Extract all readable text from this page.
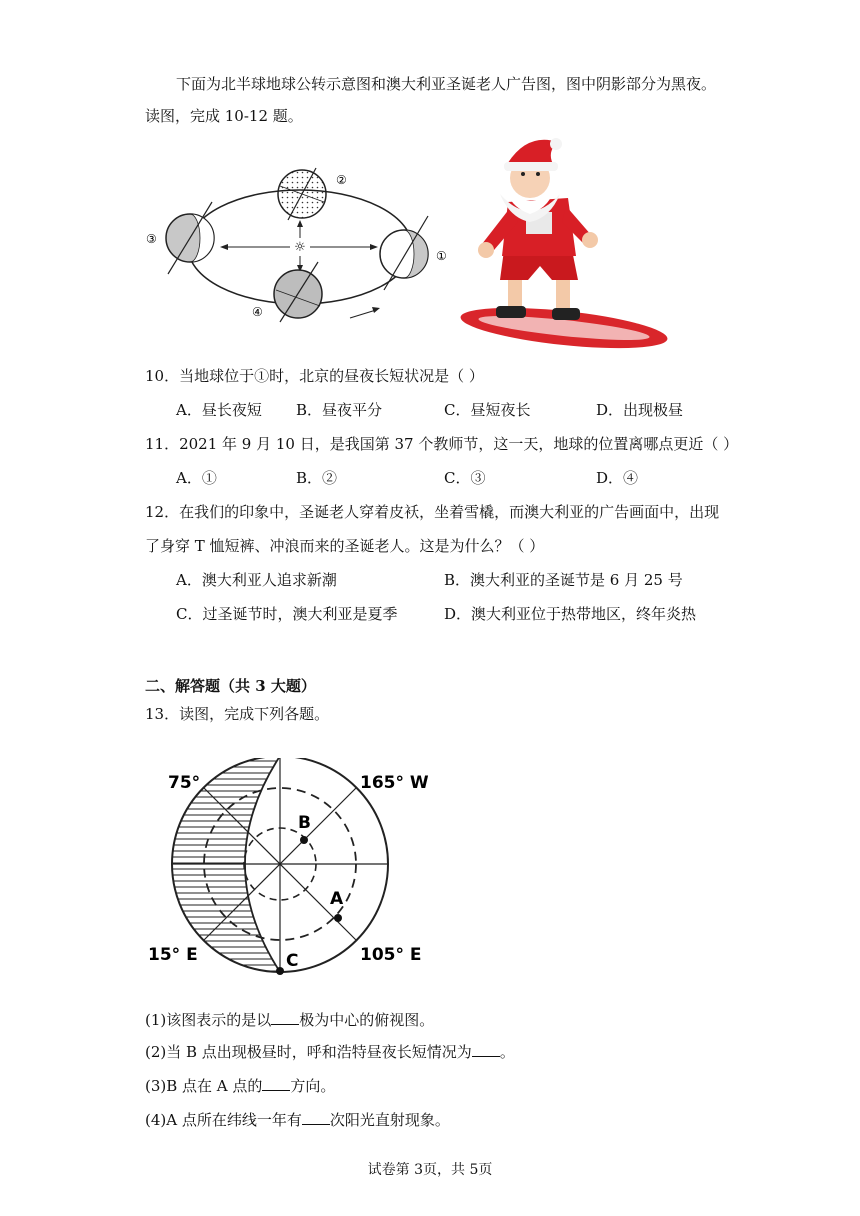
下面为北半球地球公转示意图和澳大利亚圣诞老人广告图，图中阴影部分为黑夜。
读图，完成 10-12 题。
☼
②
③
①
④
10．当地球位于①时，北京的昼夜长短状况是（ ）
A．昼长夜短 B．昼夜平分	C．昼短夜长	D．出现极昼
11．2021 年 9 月 10 日，是我国第 37 个教师节，这一天，地球的位置离哪点更近（ ）
A．①	B．②	C．③	D．④
12．在我们的印象中，圣诞老人穿着皮袄，坐着雪橇，而澳大利亚的广告画面中，出现
了身穿 T 恤短裤、冲浪而来的圣诞老人。这是为什么？（ ）
A．澳大利亚人追求新潮	B．澳大利亚的圣诞节是 6 月 25 号
C．过圣诞节时，澳大利亚是夏季	D．澳大利亚位于热带地区，终年炎热
二、解答题（共 3 大题）
13．读图，完成下列各题。
B
A
C
75°	165° W
15° E	105° E
(1)该图表示的是以 极为中心的俯视图。
(2)当 B 点出现极昼时，呼和浩特昼夜长短情况为 。
(3)B 点在 A 点的 方向。
(4)A 点所在纬线一年有 次阳光直射现象。
试卷第 3页，共 5页
